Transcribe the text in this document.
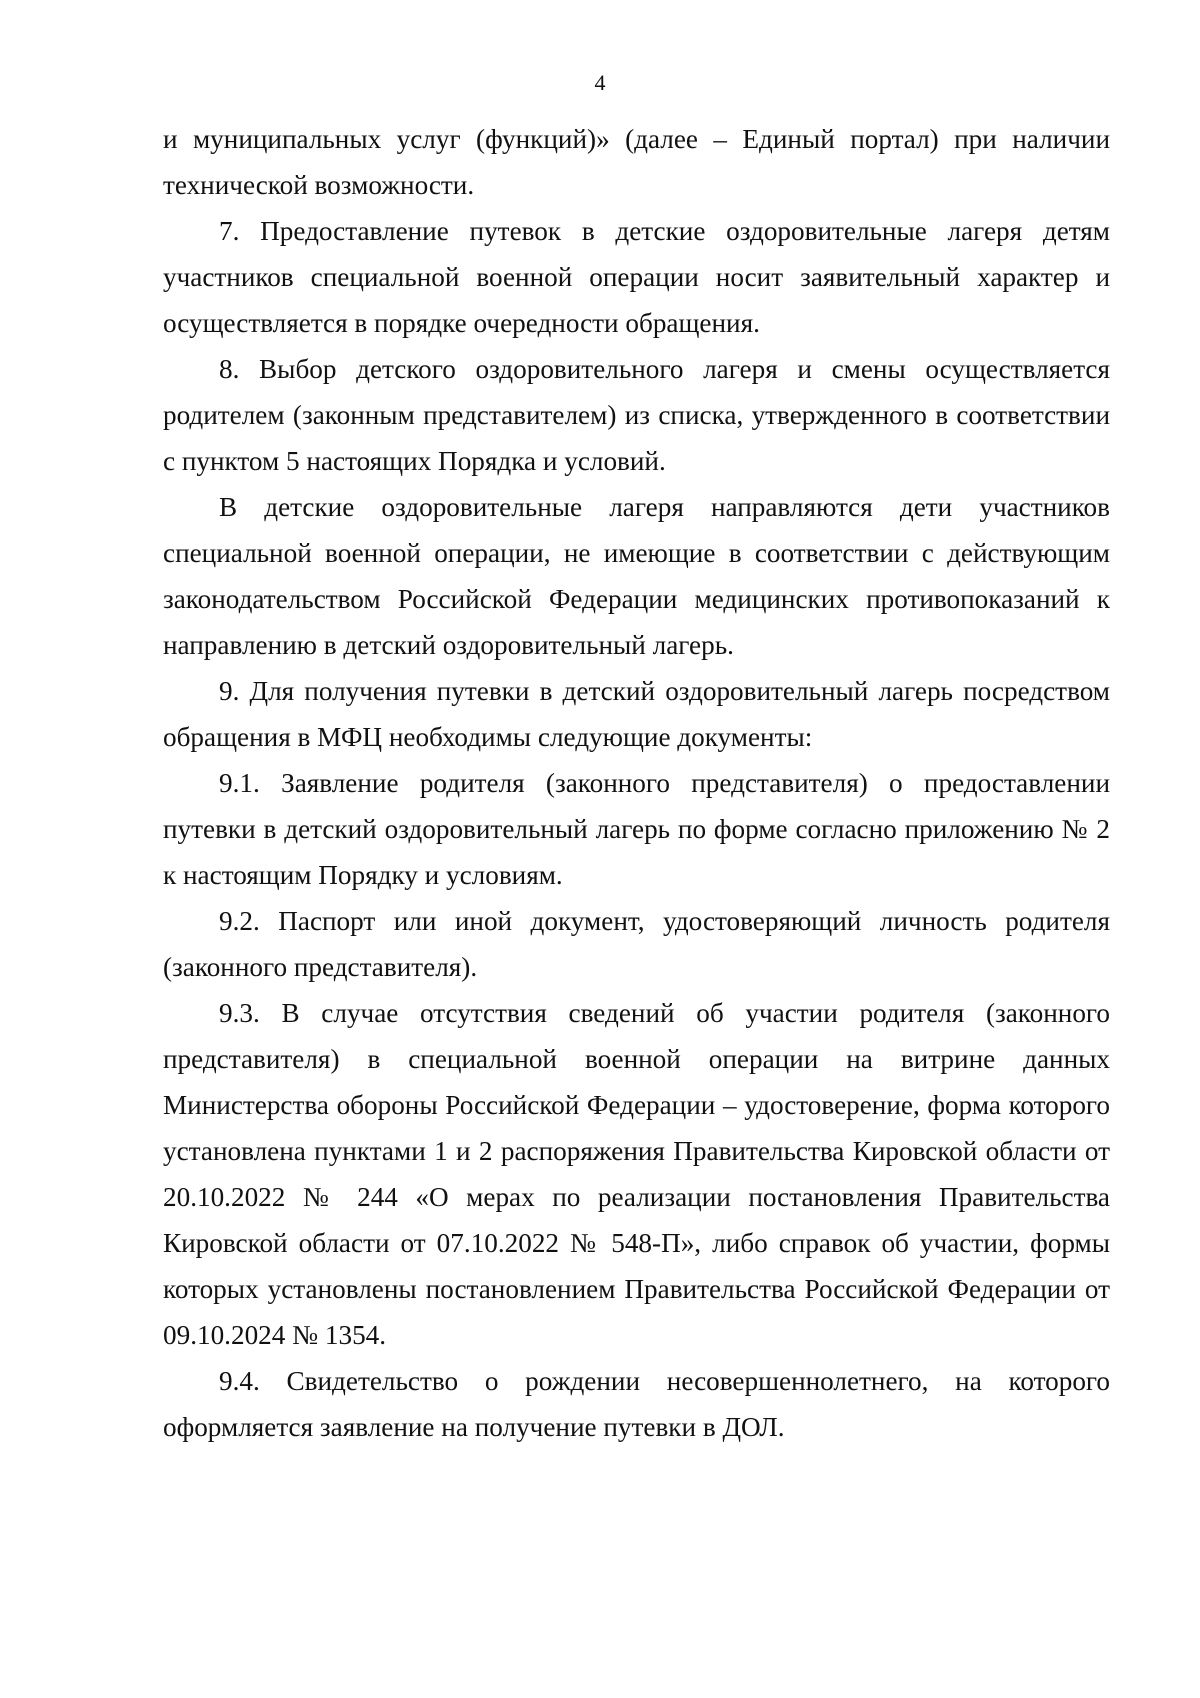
4

и муниципальных услуг (функций)» (далее – Единый портал) при наличии технической возможности.

7. Предоставление путевок в детские оздоровительные лагеря детям участников специальной военной операции носит заявительный характер и осуществляется в порядке очередности обращения.

8. Выбор детского оздоровительного лагеря и смены осуществляется родителем (законным представителем) из списка, утвержденного в соответствии с пунктом 5 настоящих Порядка и условий.

В детские оздоровительные лагеря направляются дети участников специальной военной операции, не имеющие в соответствии с действующим законодательством Российской Федерации медицинских противопоказаний к направлению в детский оздоровительный лагерь.

9. Для получения путевки в детский оздоровительный лагерь посредством обращения в МФЦ необходимы следующие документы:

9.1. Заявление родителя (законного представителя) о предоставлении путевки в детский оздоровительный лагерь по форме согласно приложению № 2 к настоящим Порядку и условиям.

9.2. Паспорт или иной документ, удостоверяющий личность родителя (законного представителя).

9.3. В случае отсутствия сведений об участии родителя (законного представителя) в специальной военной операции на витрине данных Министерства обороны Российской Федерации – удостоверение, форма которого установлена пунктами 1 и 2 распоряжения Правительства Кировской области от 20.10.2022 № 244 «О мерах по реализации постановления Правительства Кировской области от 07.10.2022 № 548-П», либо справок об участии, формы которых установлены постановлением Правительства Российской Федерации от 09.10.2024 № 1354.

9.4. Свидетельство о рождении несовершеннолетнего, на которого оформляется заявление на получение путевки в ДОЛ.
